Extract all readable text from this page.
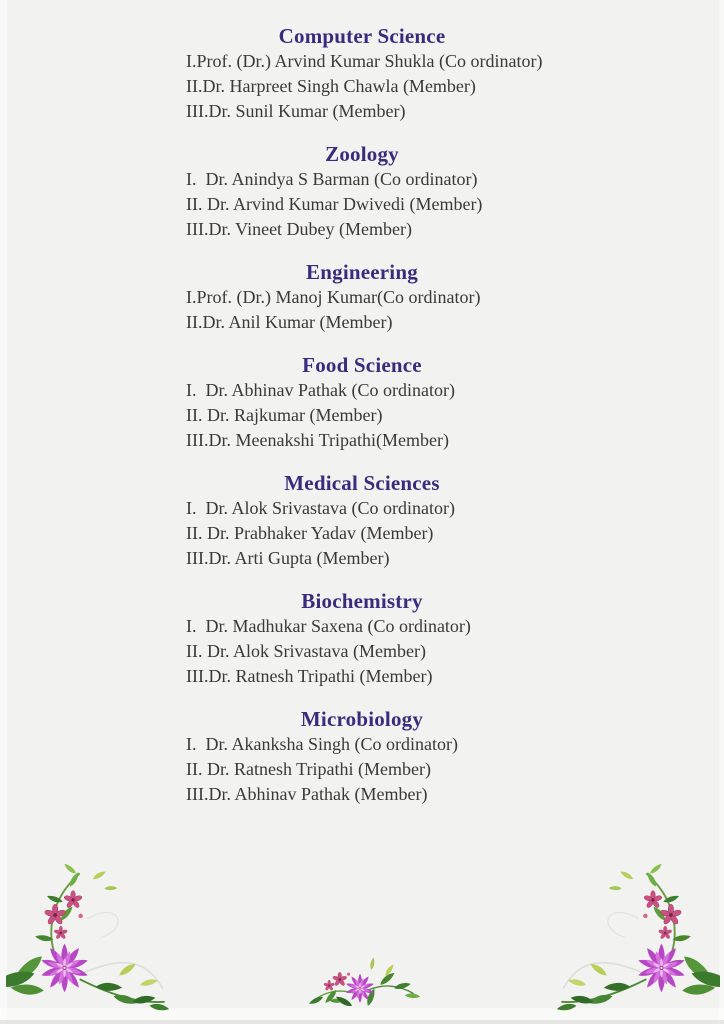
Computer Science

I.Prof. (Dr.) Arvind Kumar Shukla (Co ordinator)

II.Dr. Harpreet Singh Chawla (Member)

III.Dr. Sunil Kumar (Member)

Zoology

I.  Dr. Anindya S Barman (Co ordinator)

II. Dr. Arvind Kumar Dwivedi (Member)

III.Dr. Vineet Dubey (Member)

Engineering

I.Prof. (Dr.) Manoj Kumar(Co ordinator)

II.Dr. Anil Kumar (Member)

Food Science

I.  Dr. Abhinav Pathak (Co ordinator)

II. Dr. Rajkumar (Member)

III.Dr. Meenakshi Tripathi(Member)

Medical Sciences

I.  Dr. Alok Srivastava (Co ordinator)

II. Dr. Prabhaker Yadav (Member)

III.Dr. Arti Gupta (Member)

Biochemistry

I.  Dr. Madhukar Saxena (Co ordinator)

II. Dr. Alok Srivastava (Member)

III.Dr. Ratnesh Tripathi (Member)

Microbiology

I.  Dr. Akanksha Singh (Co ordinator)

II. Dr. Ratnesh Tripathi (Member)

III.Dr. Abhinav Pathak (Member)
